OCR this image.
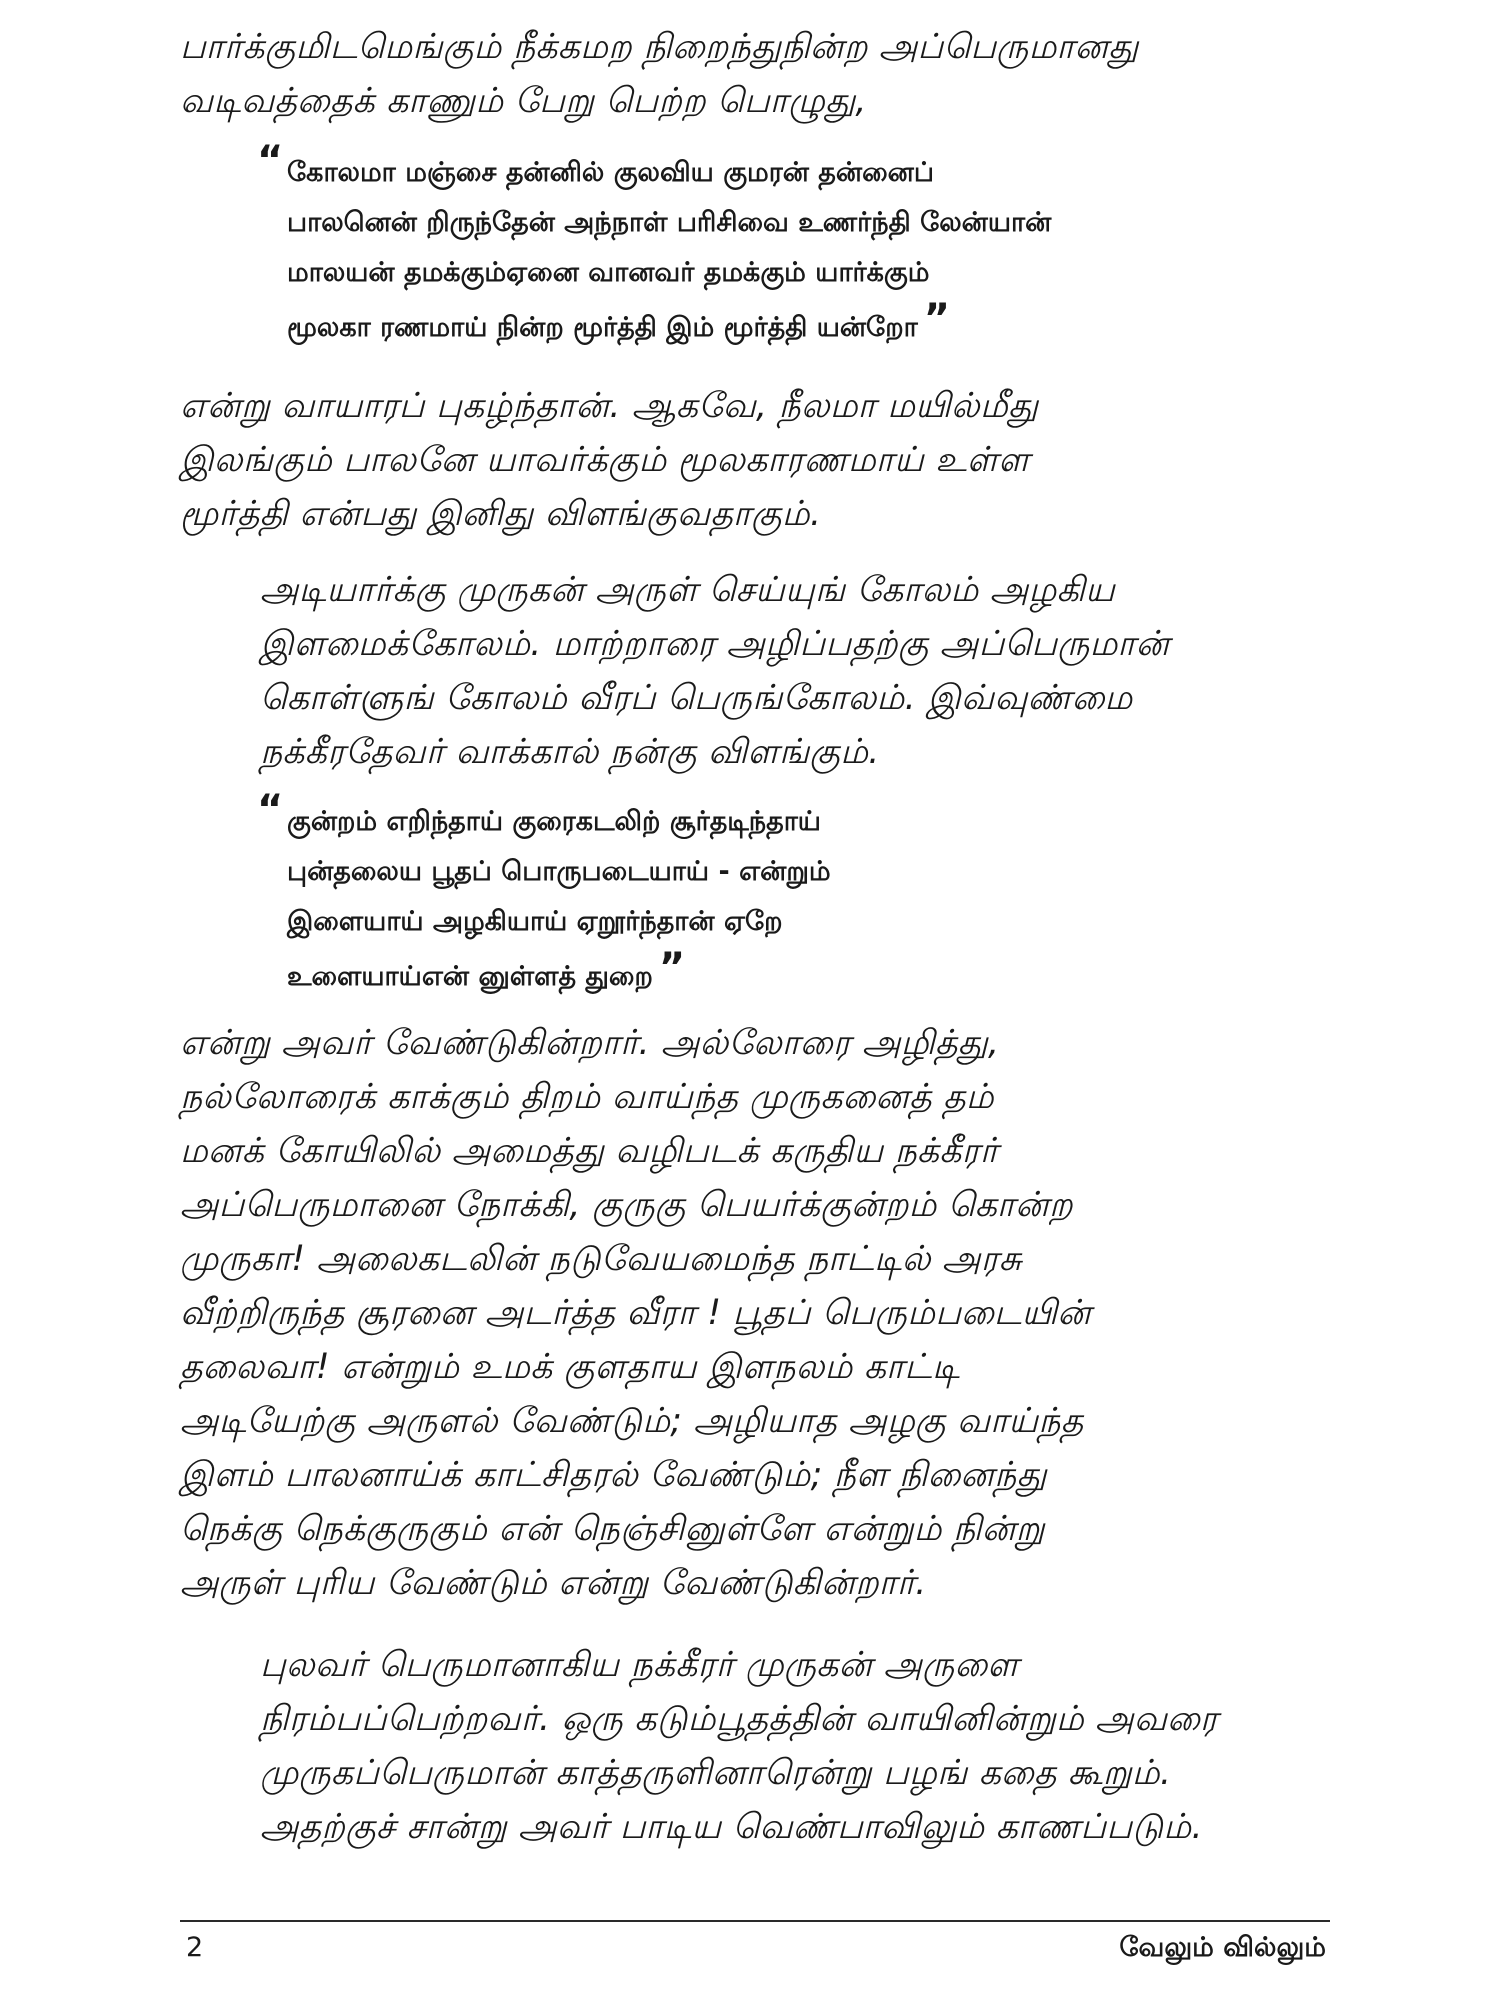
பார்க்குமிடமெங்கும் நீக்கமற நிறைந்துநின்ற அப்பெருமானது
வடிவத்தைக் காணும் பேறு பெற்ற பொழுது,

“ கோலமா மஞ்சை தன்னில் குலவிய குமரன் தன்னைப்
பாலனென் றிருந்தேன் அந்நாள் பரிசிவை உணர்ந்தி லேன்யான்
மாலயன் தமக்கும்ஏனை வானவர் தமக்கும் யார்க்கும்
மூலகா ரணமாய் நின்ற மூர்த்தி இம் மூர்த்தி யன்றோ ”

என்று வாயாரப் புகழ்ந்தான். ஆகவே, நீலமா மயில்மீது
இலங்கும் பாலனே யாவர்க்கும் மூலகாரணமாய் உள்ள
மூர்த்தி என்பது இனிது விளங்குவதாகும்.

அடியார்க்கு முருகன் அருள் செய்யுங் கோலம் அழகிய
இளமைக்கோலம். மாற்றாரை அழிப்பதற்கு அப்பெருமான்
கொள்ளுங் கோலம் வீரப் பெருங்கோலம். இவ்வுண்மை
நக்கீரதேவர் வாக்கால் நன்கு விளங்கும்.

“ குன்றம் எறிந்தாய் குரைகடலிற் சூர்தடிந்தாய்
புன்தலைய பூதப் பொருபடையாய் - என்றும்
இளையாய் அழகியாய் ஏறூர்ந்தான் ஏறே
உளையாய்என் னுள்ளத் துறை ”

என்று அவர் வேண்டுகின்றார். அல்லோரை அழித்து,
நல்லோரைக் காக்கும் திறம் வாய்ந்த முருகனைத் தம்
மனக் கோயிலில் அமைத்து வழிபடக் கருதிய நக்கீரர்
அப்பெருமானை நோக்கி, குருகு பெயர்க்குன்றம் கொன்ற
முருகா! அலைகடலின் நடுவேயமைந்த நாட்டில் அரசு
வீற்றிருந்த சூரனை அடர்த்த வீரா ! பூதப் பெரும்படையின்
தலைவா! என்றும் உமக் குளதாய இளநலம் காட்டி
அடியேற்கு அருளல் வேண்டும்; அழியாத அழகு வாய்ந்த
இளம் பாலனாய்க் காட்சிதரல் வேண்டும்; நீள நினைந்து
நெக்கு நெக்குருகும் என் நெஞ்சினுள்ளே என்றும் நின்று
அருள் புரிய வேண்டும் என்று வேண்டுகின்றார்.

புலவர் பெருமானாகிய நக்கீரர் முருகன் அருளை
நிரம்பப்பெற்றவர். ஒரு கடும்பூதத்தின் வாயினின்றும் அவரை
முருகப்பெருமான் காத்தருளினாரென்று பழங் கதை கூறும்.
அதற்குச் சான்று அவர் பாடிய வெண்பாவிலும் காணப்படும்.

2	வேலும் வில்லும்
